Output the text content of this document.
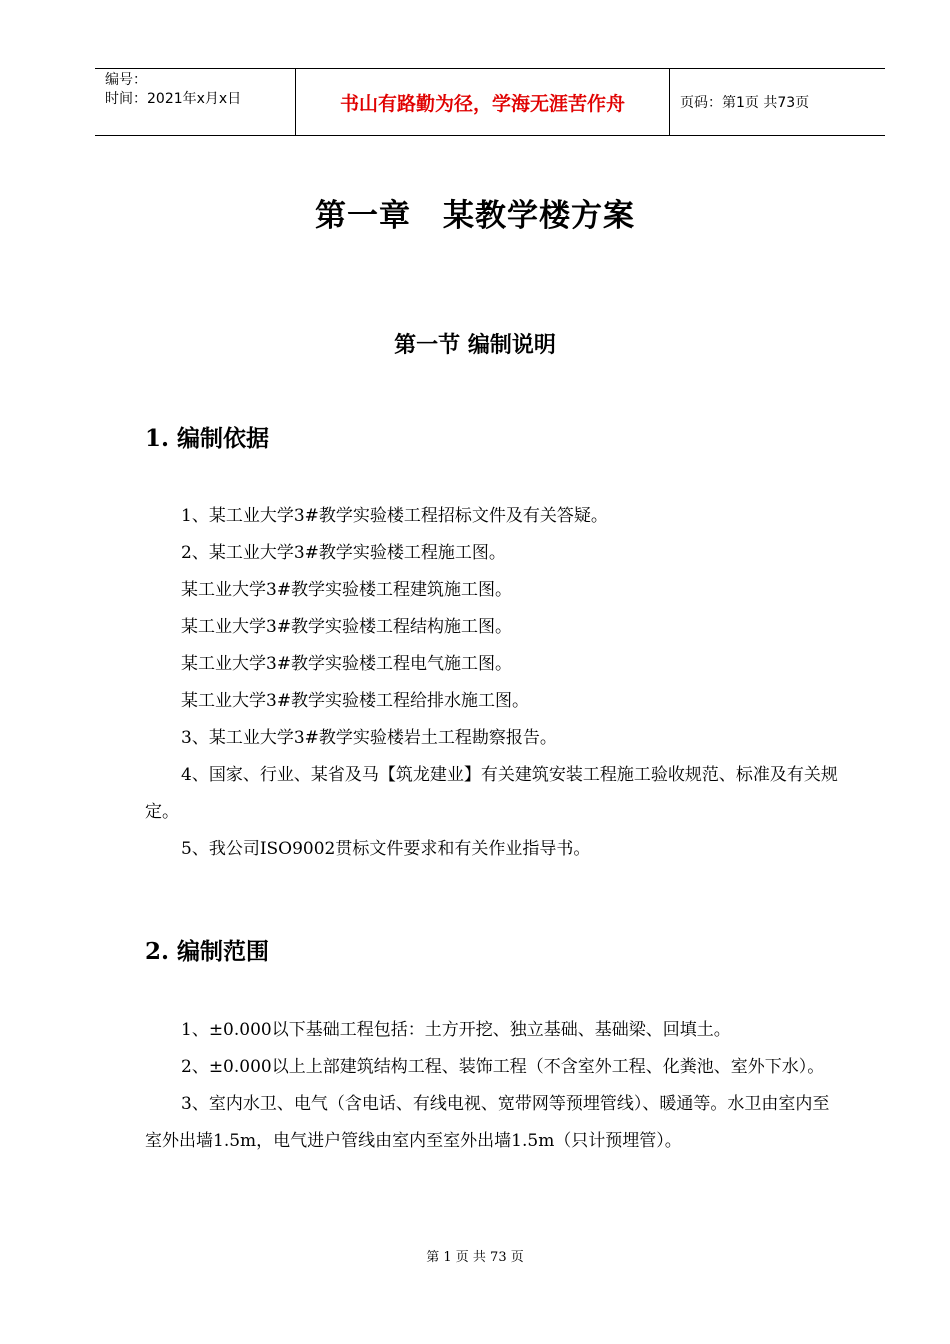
编号：
时间：2021年x月x日	书山有路勤为径，学海无涯苦作舟	页码：第1页 共73页
第一章　某教学楼方案
第一节 编制说明
1. 编制依据

1、某工业大学3#教学实验楼工程招标文件及有关答疑。

2、某工业大学3#教学实验楼工程施工图。

某工业大学3#教学实验楼工程建筑施工图。

某工业大学3#教学实验楼工程结构施工图。

某工业大学3#教学实验楼工程电气施工图。

某工业大学3#教学实验楼工程给排水施工图。

3、某工业大学3#教学实验楼岩土工程勘察报告。

4、国家、行业、某省及马【筑龙建业】有关建筑安装工程施工验收规范、标准及有关规定。

5、我公司ISO9002贯标文件要求和有关作业指导书。

2. 编制范围

1、±0.000以下基础工程包括：土方开挖、独立基础、基础梁、回填土。

2、±0.000以上上部建筑结构工程、装饰工程（不含室外工程、化粪池、室外下水）。

3、室内水卫、电气（含电话、有线电视、宽带网等预埋管线）、暖通等。水卫由室内至室外出墙1.5m，电气进户管线由室内至室外出墙1.5m（只计预埋管）。

第 1 页 共 73 页
